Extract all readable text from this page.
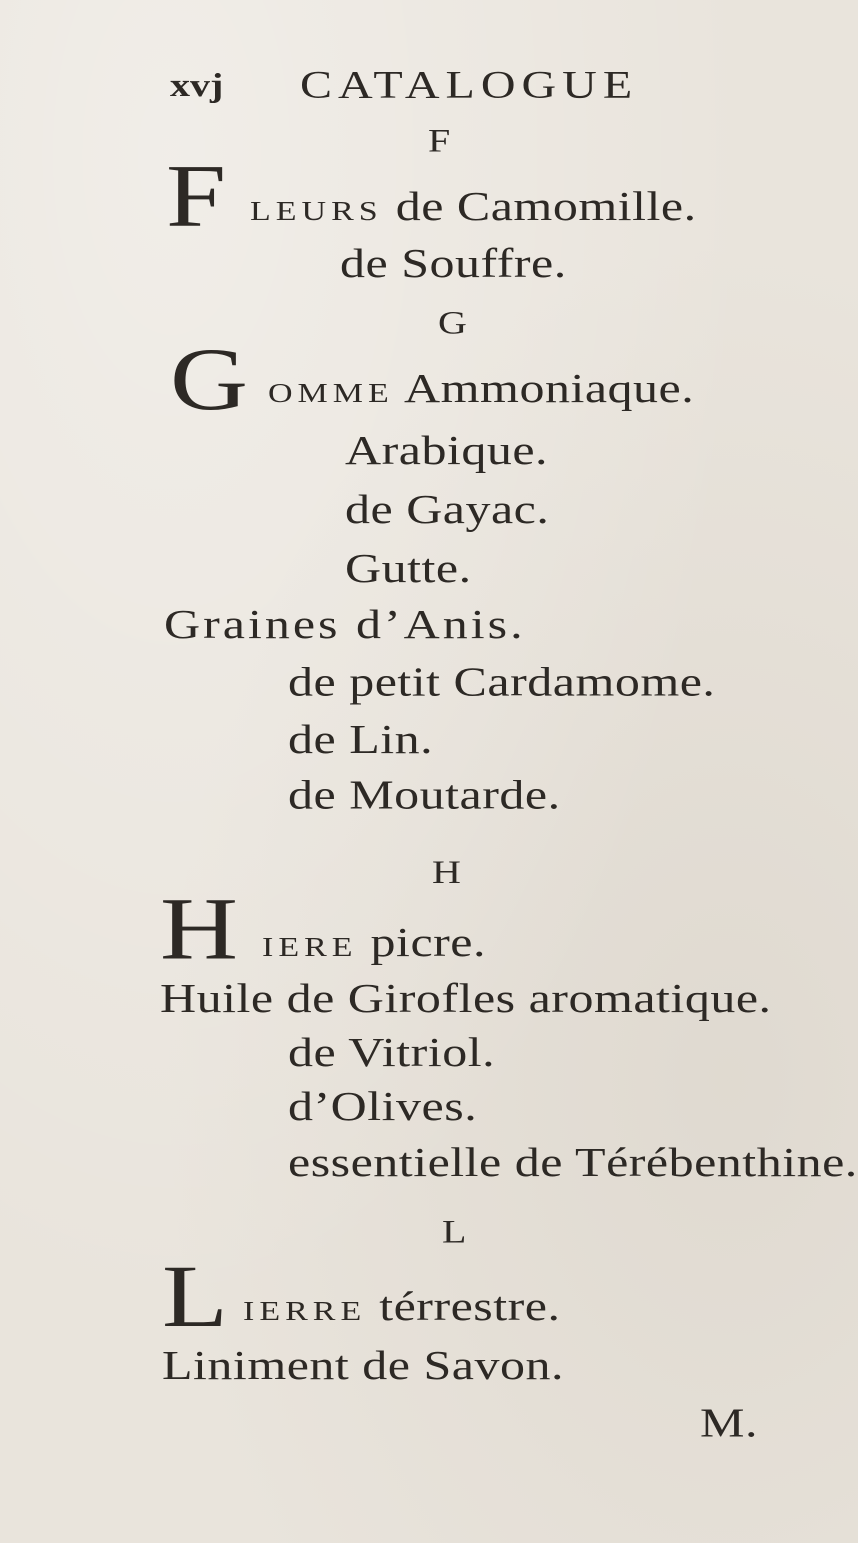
xvj CATALOGUE
F
F LEURS de Camomille.
de Souffre.
G
G OMME Ammoniaque.
Arabique.
de Gayac.
Gutte.
Graines d’Anis.
de petit Cardamome.
de Lin.
de Moutarde.
H
H IERE picre.
Huile de Girofles aromatique.
de Vitriol.
d’Olives.
essentielle de Térébenthine.
L
L IERRE térrestre.
Liniment de Savon.
M.
